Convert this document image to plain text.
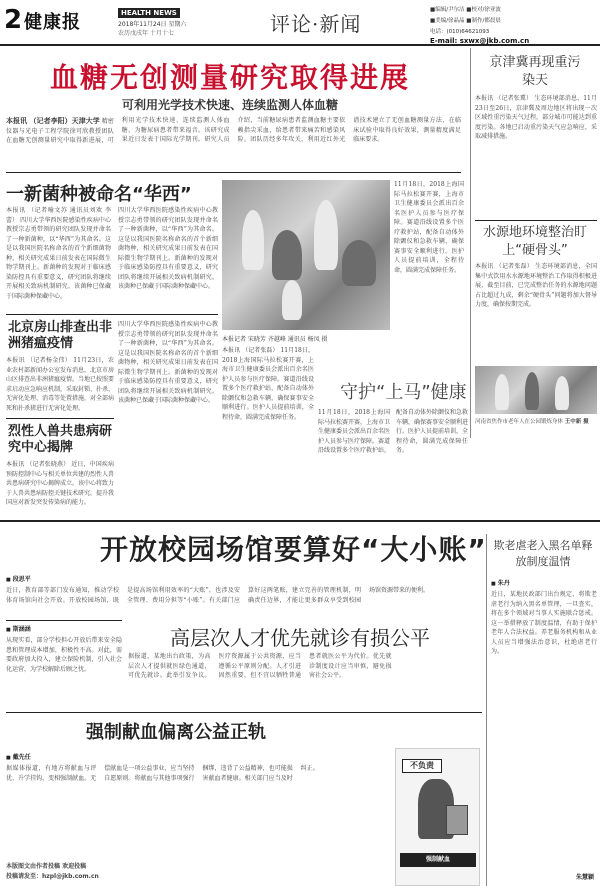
2 健康报	HEALTH NEWS
2018年11月24日 星期六
农历戊戌年 十月十七	评论·新闻
■编辑/尹尔洁 ■校对/徐亚波
■美编/徐晶晶 ■制作/都晨晨
电话：(010)64621093
E-mail: sxwx@jkb.com.cn
血糖无创测量研究取得进展
可利用光学技术快速、连续监测人体血糖
本报讯 （记者李阳）天津大学 精密仪器与光电子工程学院徐可欣教授团队在血糖无创测量研究中取得新进展，可利用光学技术快速、连续监测人体血糖，为糖尿病患者带来福音。该研究成果近日发表于国际光学期刊。研究人员介绍，当前糖尿病患者监测血糖主要依赖指尖采血，给患者带来痛苦和感染风险。团队历经多年攻关，利用近红外光谱技术建立了无创血糖测量方法，在临床试验中取得良好效果，测量精度满足临床要求。
一新菌种被命名“华西”
本报讯 （记者喻文苏 通讯员刘欢 李蕾） 四川大学华西医院感染性疾病中心教授宗志勇带领的研究团队发现并命名了一种新菌种，以“华西”为其命名。这是以我国医院名称命名的首个新细菌物种，相关研究成果日前发表在国际微生物学期刊上。新菌种的发现对于临床感染防控具有重要意义，研究团队将继续开展相关致病机制研究。该菌种已保藏于国际菌种保藏中心。
四川大学华西医院感染性疾病中心教授宗志勇带领的研究团队发现并命名了一种新菌种，以“华西”为其命名。这是以我国医院名称命名的首个新细菌物种，相关研究成果日前发表在国际微生物学期刊上。新菌种的发现对于临床感染防控具有重要意义，研究团队将继续开展相关致病机制研究。该菌种已保藏于国际菌种保藏中心。
本报记者 宋晓芳 齐越峰 通讯员 杨凤 摄
11月18日，2018上海国际马拉松赛开赛，上海市卫生健康委员会派出百余名医护人员参与医疗保障。赛道沿线设置多个医疗救护站，配备自动体外除颤仪和急救车辆，确保赛事安全顺利进行。医护人员提前培训，全程待命，圆满完成保障任务。
北京房山排查出非洲猪瘟疫情
本报讯 （记者杨金伟） 11月23日，农业农村部新闻办公室发布消息，北京市房山区排查出非洲猪瘟疫情。当地已按照要求启动应急响应机制，采取封锁、扑杀、无害化处理、消毒等处置措施，对全部病死和扑杀猪进行无害化处理。
烈性人兽共患病研究中心揭牌
本报讯 （记者张晓燕） 近日，中国疾病预防控制中心与相关单位共建的烈性人兽共患病研究中心揭牌成立。该中心将致力于人兽共患病防控关键技术研究，提升我国应对新发突发传染病的能力。
四川大学华西医院感染性疾病中心教授宗志勇带领的研究团队发现并命名了一种新菌种，以“华西”为其命名。这是以我国医院名称命名的首个新细菌物种，相关研究成果日前发表在国际微生物学期刊上。新菌种的发现对于临床感染防控具有重要意义，研究团队将继续开展相关致病机制研究。该菌种已保藏于国际菌种保藏中心。
本报讯 （记者张磊） 11月18日，2018上海国际马拉松赛开赛，上海市卫生健康委员会派出百余名医护人员参与医疗保障。赛道沿线设置多个医疗救护站，配备自动体外除颤仪和急救车辆，确保赛事安全顺利进行。医护人员提前培训，全程待命，圆满完成保障任务。
守护“上马”健康
11月18日，2018上海国际马拉松赛开赛，上海市卫生健康委员会派出百余名医护人员参与医疗保障。赛道沿线设置多个医疗救护站，配备自动体外除颤仪和急救车辆，确保赛事安全顺利进行。医护人员提前培训，全程待命，圆满完成保障任务。
京津冀再现重污染天
本报讯 （记者张冀） 生态环境部消息，11月23日至26日，京津冀及周边地区将出现一次区域性重污染天气过程，部分城市可能达到重度污染。各地已启动重污染天气应急响应，采取减排措施。
水源地环境整治盯上“硬骨头”
本报讯 （记者张磊） 生态环境部消息，全国集中式饮用水水源地环境整治工作取得积极进展，截至目前，已完成整治任务的水源地问题占比超过九成，剩余“硬骨头”问题将加大督导力度，确保按期完成。
河南省焦作市老年人在公园锻炼身体 王中新 摄
开放校园场馆要算好“大小账”
■ 段思平
近日，教育部等部门发布通知，推动学校体育场馆向社会开放。开放校园场馆，既是提高场馆利用效率的“大账”，也涉及安全管理、费用分担等“小账”。有关部门应算好这两笔账，建立完善的管理机制，明确责任边界，才能让更多群众享受到校园场馆资源带来的便利。
■ 斯涵涵
从现实看，部分学校担心开放后带来安全隐患和管理成本增加，积极性不高。对此，需要政府加大投入，建立保险机制，引入社会化运营，为学校解除后顾之忧。
高层次人才优先就诊有损公平
据报道，某地出台政策，为高层次人才提供就医绿色通道，可优先就诊。此举引发争议。医疗资源属于公共资源，应当遵循公平原则分配。人才引进固然重要，但不宜以牺牲普通患者就医公平为代价。优先就诊制度设计应当审慎，避免损害社会公平。
强制献血偏离公益正轨
■ 戴先任
据媒体报道，有地方将献血与评优、升学挂钩，变相强制献血。无偿献血是一项公益事业，应当坚持自愿原则。将献血与其他事项强行捆绑，违背了公益精神，也可能损害献血者健康。相关部门应当及时纠正。
本版图文由作者投稿 欢迎投稿
投稿请发至：hzpl@jkb.com.cn
不负责
强制献血
欺老虐老入黑名单释放制度温情
■ 朱丹
近日，某地民政部门出台规定，将欺老虐老行为纳入黑名单管理，一旦查实，将在多个领域对当事人实施联合惩戒。这一举措释放了制度温情，有助于保护老年人合法权益。养老服务机构和从业人员应当增强法治意识，杜绝虐老行为。
朱慧颖
